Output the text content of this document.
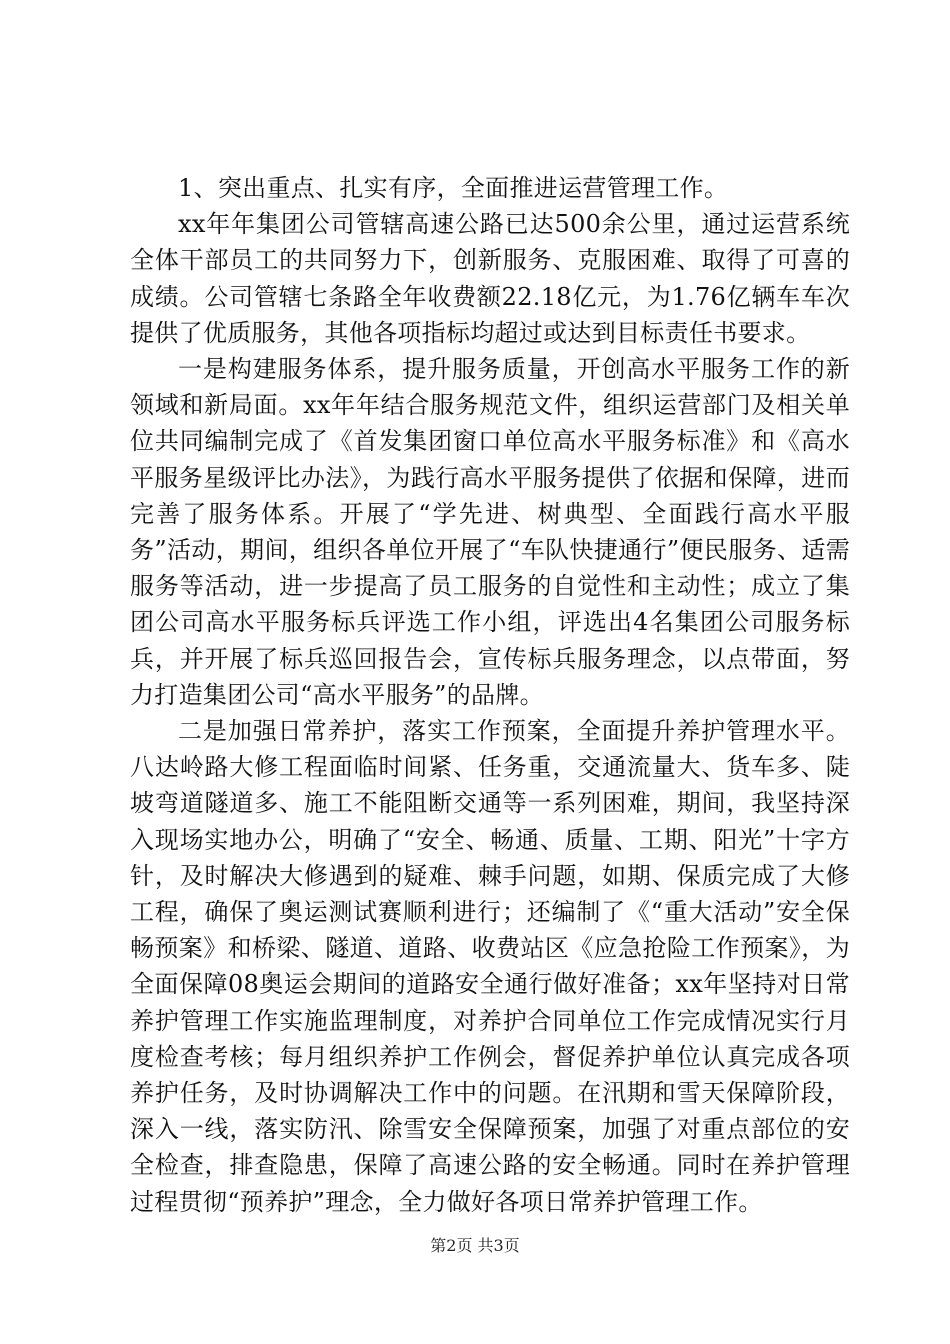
1、突出重点、扎实有序，全面推进运营管理工作。

xx年年集团公司管辖高速公路已达500余公里，通过运营系统全体干部员工的共同努力下，创新服务、克服困难、取得了可喜的成绩。公司管辖七条路全年收费额22.18亿元，为1.76亿辆车车次提供了优质服务，其他各项指标均超过或达到目标责任书要求。

一是构建服务体系，提升服务质量，开创高水平服务工作的新领域和新局面。xx年年结合服务规范文件，组织运营部门及相关单位共同编制完成了《首发集团窗口单位高水平服务标准》和《高水平服务星级评比办法》，为践行高水平服务提供了依据和保障，进而完善了服务体系。开展了“学先进、树典型、全面践行高水平服务”活动，期间，组织各单位开展了“车队快捷通行”便民服务、适需服务等活动，进一步提高了员工服务的自觉性和主动性；成立了集团公司高水平服务标兵评选工作小组，评选出4名集团公司服务标兵，并开展了标兵巡回报告会，宣传标兵服务理念，以点带面，努力打造集团公司“高水平服务”的品牌。

二是加强日常养护，落实工作预案，全面提升养护管理水平。八达岭路大修工程面临时间紧、任务重，交通流量大、货车多、陡坡弯道隧道多、施工不能阻断交通等一系列困难，期间，我坚持深入现场实地办公，明确了“安全、畅通、质量、工期、阳光”十字方针，及时解决大修遇到的疑难、棘手问题，如期、保质完成了大修工程，确保了奥运测试赛顺利进行；还编制了《“重大活动”安全保畅预案》和桥梁、隧道、道路、收费站区《应急抢险工作预案》，为全面保障08奥运会期间的道路安全通行做好准备；xx年坚持对日常养护管理工作实施监理制度，对养护合同单位工作完成情况实行月度检查考核；每月组织养护工作例会，督促养护单位认真完成各项养护任务，及时协调解决工作中的问题。在汛期和雪天保障阶段，深入一线，落实防汛、除雪安全保障预案，加强了对重点部位的安全检查，排查隐患，保障了高速公路的安全畅通。同时在养护管理过程贯彻“预养护”理念，全力做好各项日常养护管理工作。

第2页 共3页
